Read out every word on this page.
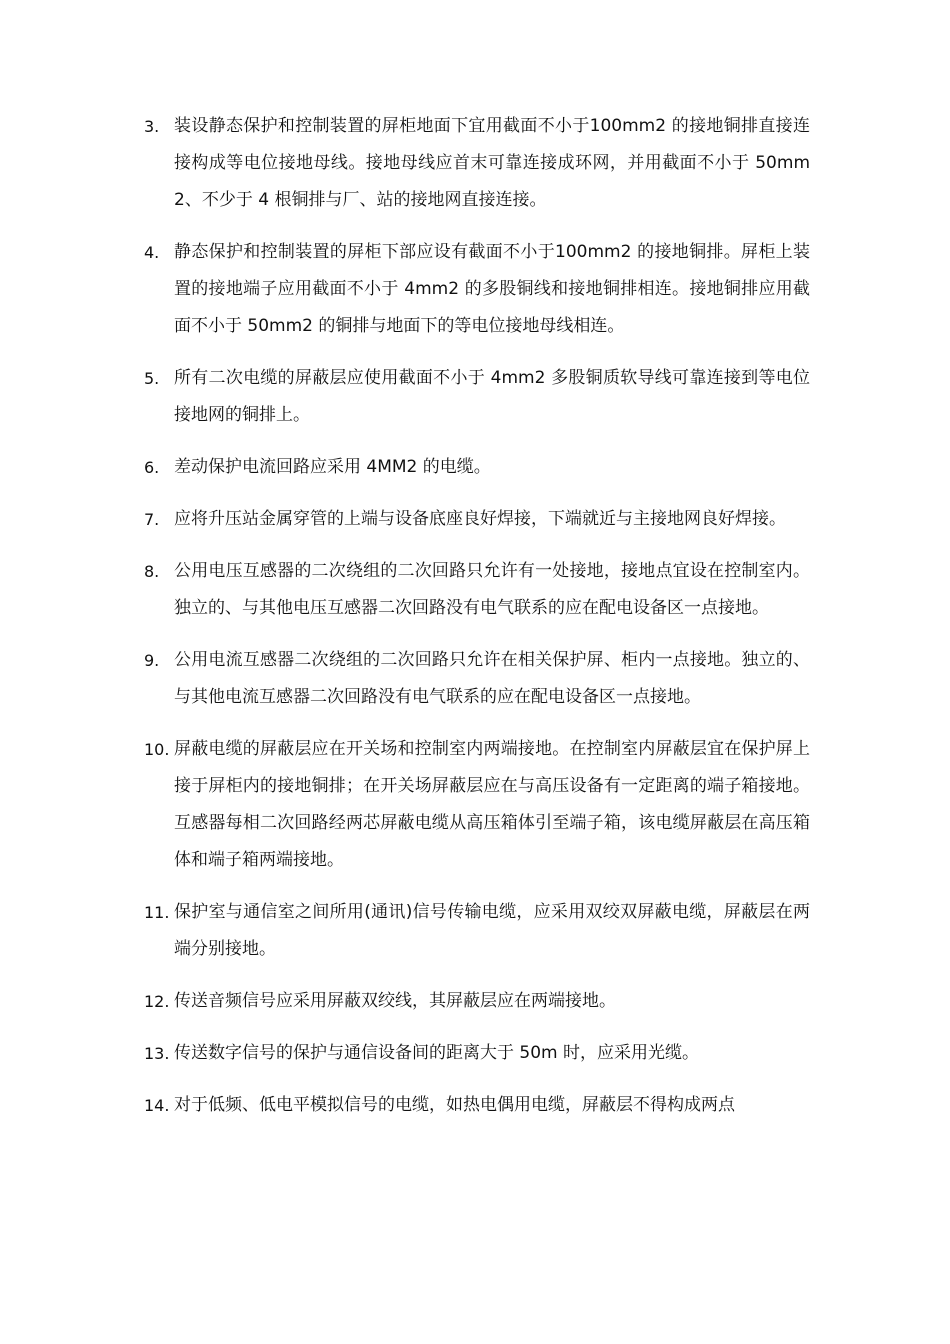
3. 装设静态保护和控制装置的屏柜地面下宜用截面不小于100mm2 的接地铜排直接连接构成等电位接地母线。接地母线应首末可靠连接成环网，并用截面不小于 50mm2、不少于 4 根铜排与厂、站的接地网直接连接。
4. 静态保护和控制装置的屏柜下部应设有截面不小于100mm2 的接地铜排。屏柜上装置的接地端子应用截面不小于 4mm2 的多股铜线和接地铜排相连。接地铜排应用截面不小于 50mm2 的铜排与地面下的等电位接地母线相连。
5. 所有二次电缆的屏蔽层应使用截面不小于 4mm2 多股铜质软导线可靠连接到等电位接地网的铜排上。
6. 差动保护电流回路应采用 4MM2 的电缆。
7. 应将升压站金属穿管的上端与设备底座良好焊接，下端就近与主接地网良好焊接。
8. 公用电压互感器的二次绕组的二次回路只允许有一处接地，接地点宜设在控制室内。独立的、与其他电压互感器二次回路没有电气联系的应在配电设备区一点接地。
9. 公用电流互感器二次绕组的二次回路只允许在相关保护屏、柜内一点接地。独立的、与其他电流互感器二次回路没有电气联系的应在配电设备区一点接地。
10. 屏蔽电缆的屏蔽层应在开关场和控制室内两端接地。在控制室内屏蔽层宜在保护屏上接于屏柜内的接地铜排；在开关场屏蔽层应在与高压设备有一定距离的端子箱接地。互感器每相二次回路经两芯屏蔽电缆从高压箱体引至端子箱，该电缆屏蔽层在高压箱体和端子箱两端接地。
11. 保护室与通信室之间所用(通讯)信号传输电缆，应采用双绞双屏蔽电缆，屏蔽层在两端分别接地。
12. 传送音频信号应采用屏蔽双绞线，其屏蔽层应在两端接地。
13. 传送数字信号的保护与通信设备间的距离大于 50m 时，应采用光缆。
14. 对于低频、低电平模拟信号的电缆，如热电偶用电缆，屏蔽层不得构成两点
